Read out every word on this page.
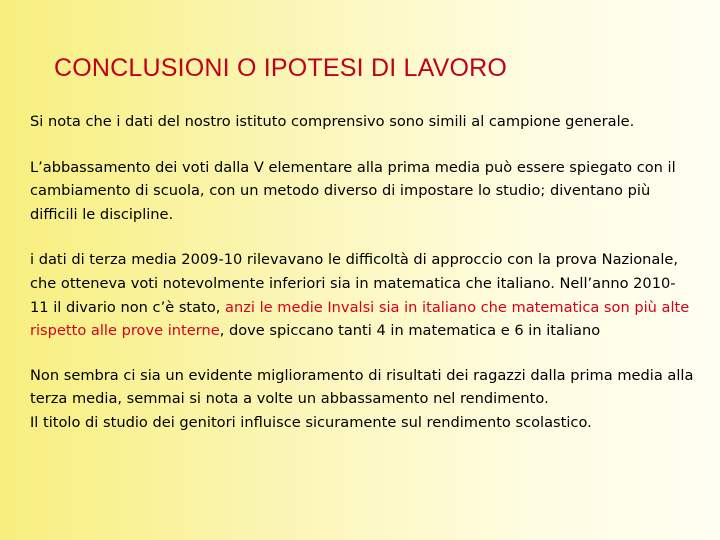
CONCLUSIONI O IPOTESI DI LAVORO

Si nota che i dati del nostro istituto comprensivo sono simili al campione generale.

L’abbassamento dei voti dalla V elementare alla prima media può essere spiegato con il cambiamento di scuola, con un metodo diverso di impostare lo studio; diventano più difficili le discipline.

i dati di terza media 2009-10 rilevavano le difficoltà di approccio con la prova Nazionale, che otteneva voti notevolmente inferiori sia in matematica che italiano. Nell’anno 2010-11 il divario non c’è stato, anzi le medie Invalsi sia in italiano che matematica son più alte rispetto alle prove interne, dove spiccano tanti 4 in matematica e 6 in italiano

Non sembra ci sia un evidente miglioramento di risultati dei ragazzi dalla prima media alla terza media, semmai si nota a volte un abbassamento nel rendimento.

Il titolo di studio dei genitori influisce sicuramente sul rendimento scolastico.
